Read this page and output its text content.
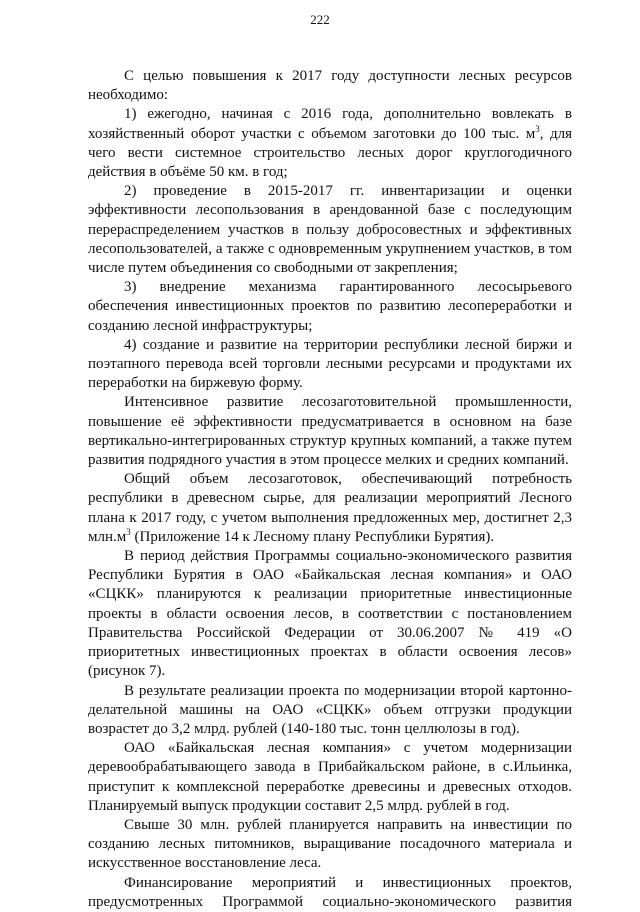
222

С целью повышения к 2017 году доступности лесных ресурсов необходимо:

1) ежегодно, начиная с 2016 года, дополнительно вовлекать в хозяйственный оборот участки с объемом заготовки до 100 тыс. $м^3$, для чего вести системное строительство лесных дорог круглогодичного действия в объёме 50 км. в год;

2) проведение в 2015-2017 гг. инвентаризации и оценки эффективности лесопользования в арендованной базе с последующим перераспределением участков в пользу добросовестных и эффективных лесопользователей, а также с одновременным укрупнением участков, в том числе путем объединения со свободными от закрепления;

3) внедрение механизма гарантированного лесосырьевого обеспечения инвестиционных проектов по развитию лесопереработки и созданию лесной инфраструктуры;

4) создание и развитие на территории республики лесной биржи и поэтапного перевода всей торговли лесными ресурсами и продуктами их переработки на биржевую форму.

Интенсивное развитие лесозаготовительной промышленности, повышение её эффективности предусматривается в основном на базе вертикально-интегрированных структур крупных компаний, а также путем развития подрядного участия в этом процессе мелких и средних компаний.

Общий объем лесозаготовок, обеспечивающий потребность республики в древесном сырье, для реализации мероприятий Лесного плана к 2017 году, с учетом выполнения предложенных мер, достигнет 2,3 $млн.м^3$ (Приложение 14 к Лесному плану Республики Бурятия).

В период действия Программы социально-экономического развития Республики Бурятия в ОАО «Байкальская лесная компания» и ОАО «СЦКК» планируются к реализации приоритетные инвестиционные проекты в области освоения лесов, в соответствии с постановлением Правительства Российской Федерации от 30.06.2007 № 419 «О приоритетных инвестиционных проектах в области освоения лесов» (рисунок 7).

В результате реализации проекта по модернизации второй картонно-делательной машины на ОАО «СЦКК» объем отгрузки продукции возрастет до 3,2 млрд. рублей (140-180 тыс. тонн целлюлозы в год).

ОАО «Байкальская лесная компания» с учетом модернизации деревообрабатывающего завода в Прибайкальском районе, в с.Ильинка, приступит к комплексной переработке древесины и древесных отходов. Планируемый выпуск продукции составит 2,5 млрд. рублей в год.

Свыше 30 млн. рублей планируется направить на инвестиции по созданию лесных питомников, выращивание посадочного материала и искусственное восстановление леса.

Финансирование мероприятий и инвестиционных проектов, предусмотренных Программой социально-экономического развития
